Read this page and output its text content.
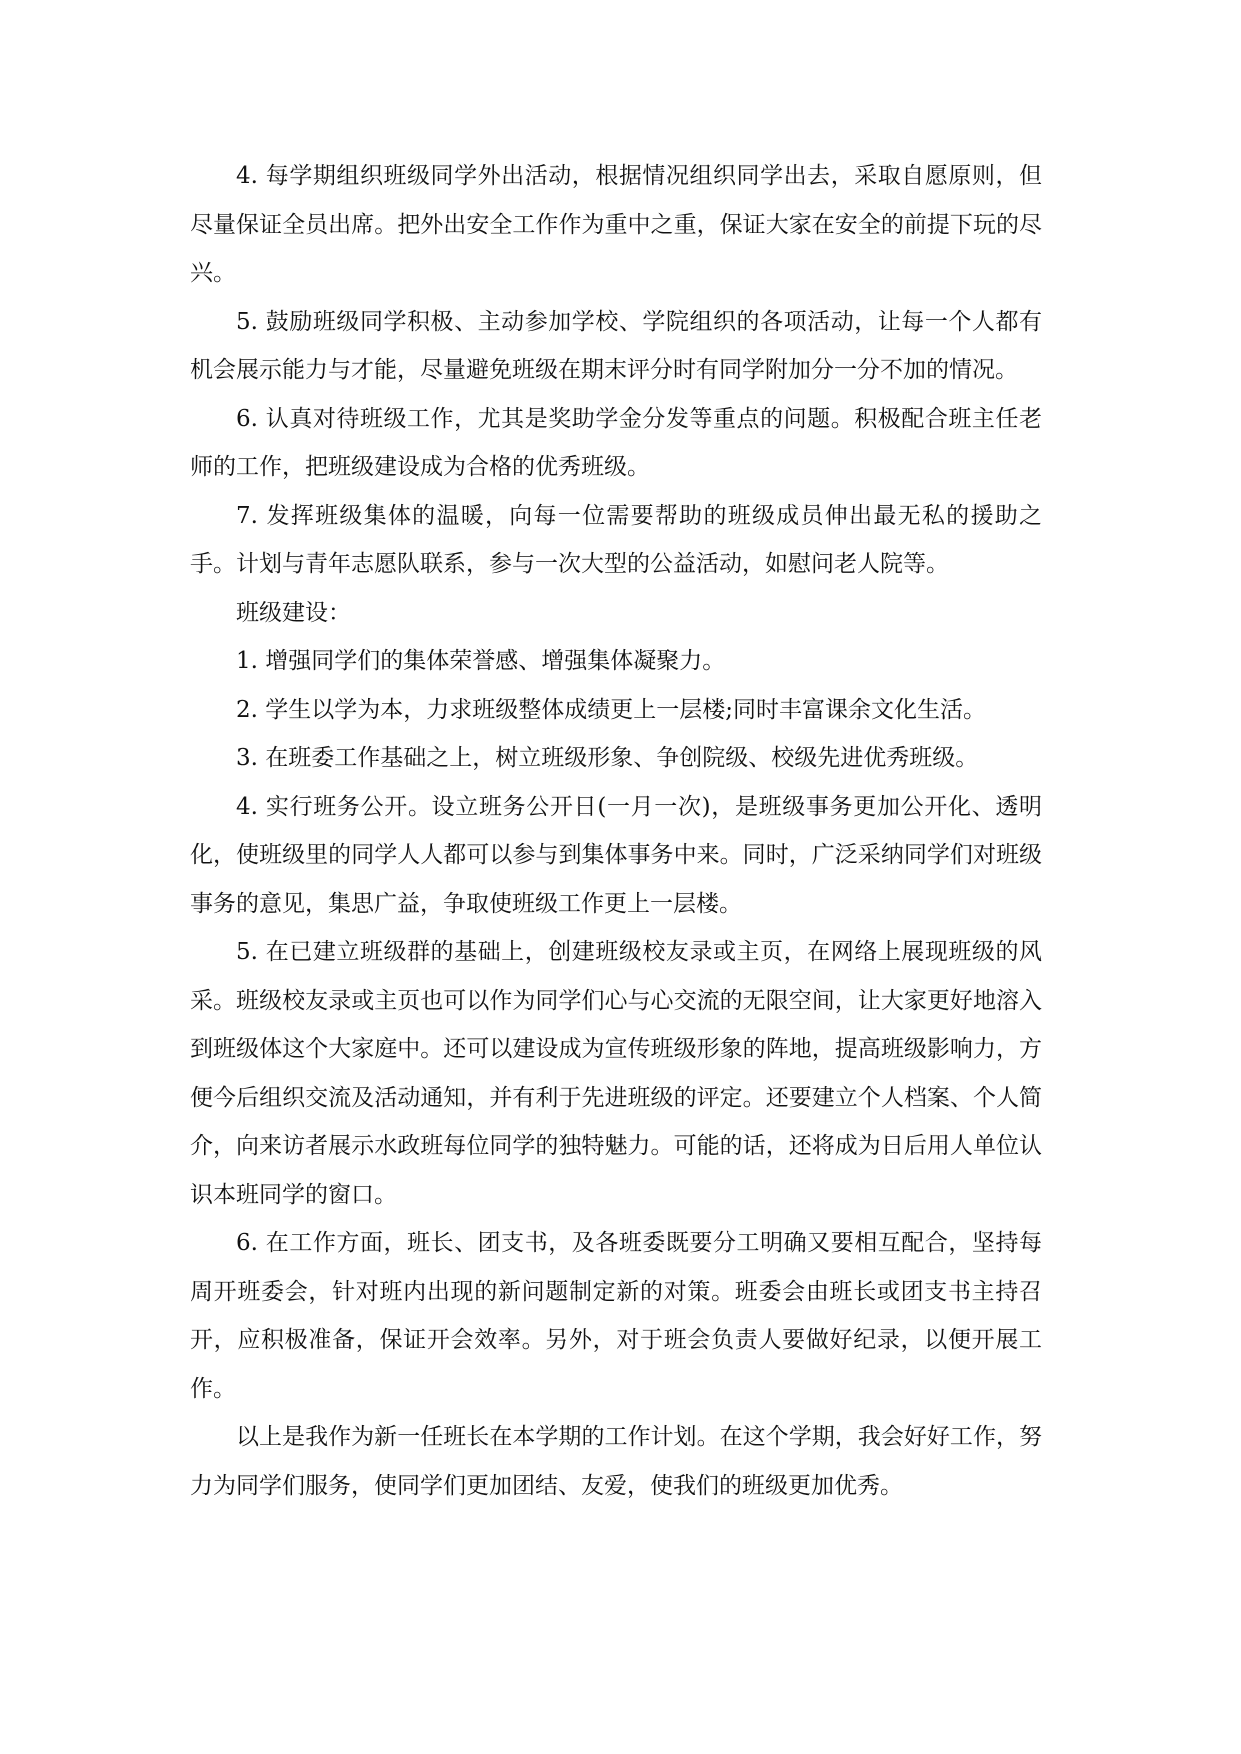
4. 每学期组织班级同学外出活动，根据情况组织同学出去，采取自愿原则，但尽量保证全员出席。把外出安全工作作为重中之重，保证大家在安全的前提下玩的尽兴。

5. 鼓励班级同学积极、主动参加学校、学院组织的各项活动，让每一个人都有机会展示能力与才能，尽量避免班级在期末评分时有同学附加分一分不加的情况。

6. 认真对待班级工作，尤其是奖助学金分发等重点的问题。积极配合班主任老师的工作，把班级建设成为合格的优秀班级。

7. 发挥班级集体的温暖，向每一位需要帮助的班级成员伸出最无私的援助之手。计划与青年志愿队联系，参与一次大型的公益活动，如慰问老人院等。

班级建设：

1. 增强同学们的集体荣誉感、增强集体凝聚力。

2. 学生以学为本，力求班级整体成绩更上一层楼;同时丰富课余文化生活。

3. 在班委工作基础之上，树立班级形象、争创院级、校级先进优秀班级。

4. 实行班务公开。设立班务公开日(一月一次)，是班级事务更加公开化、透明化，使班级里的同学人人都可以参与到集体事务中来。同时，广泛采纳同学们对班级事务的意见，集思广益，争取使班级工作更上一层楼。

5. 在已建立班级群的基础上，创建班级校友录或主页，在网络上展现班级的风采。班级校友录或主页也可以作为同学们心与心交流的无限空间，让大家更好地溶入到班级体这个大家庭中。还可以建设成为宣传班级形象的阵地，提高班级影响力，方便今后组织交流及活动通知，并有利于先进班级的评定。还要建立个人档案、个人简介，向来访者展示水政班每位同学的独特魅力。可能的话，还将成为日后用人单位认识本班同学的窗口。

6. 在工作方面，班长、团支书，及各班委既要分工明确又要相互配合，坚持每周开班委会，针对班内出现的新问题制定新的对策。班委会由班长或团支书主持召开，应积极准备，保证开会效率。另外，对于班会负责人要做好纪录，以便开展工作。

以上是我作为新一任班长在本学期的工作计划。在这个学期，我会好好工作，努力为同学们服务，使同学们更加团结、友爱，使我们的班级更加优秀。
